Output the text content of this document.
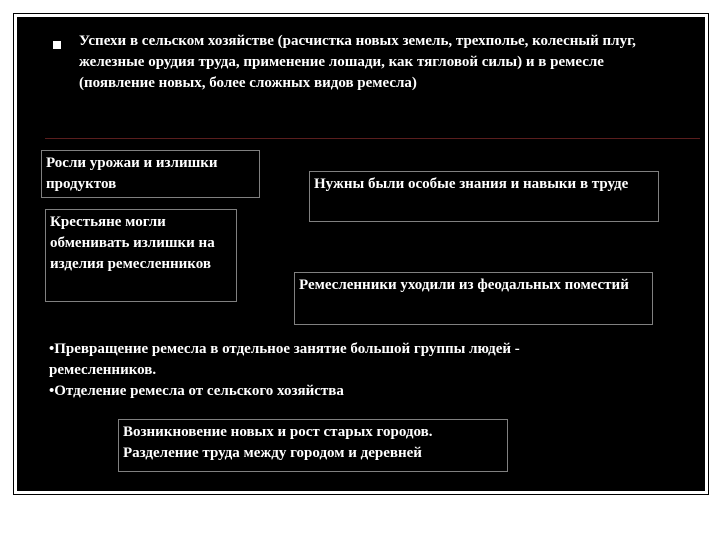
Успехи в сельском хозяйстве (расчистка новых земель, трехполье, колесный плуг, железные орудия труда, применение лошади, как тягловой силы) и в ремесле (появление новых, более сложных видов ремесла)
Росли урожаи и излишки продуктов
Крестьяне могли обменивать излишки на изделия ремесленников
Нужны были особые знания и навыки в труде
Ремесленники уходили из феодальных поместий
•Превращение ремесла в отдельное занятие большой группы людей - ремесленников.
•Отделение ремесла от сельского хозяйства
Возникновение новых и рост старых городов. Разделение труда между городом и деревней
